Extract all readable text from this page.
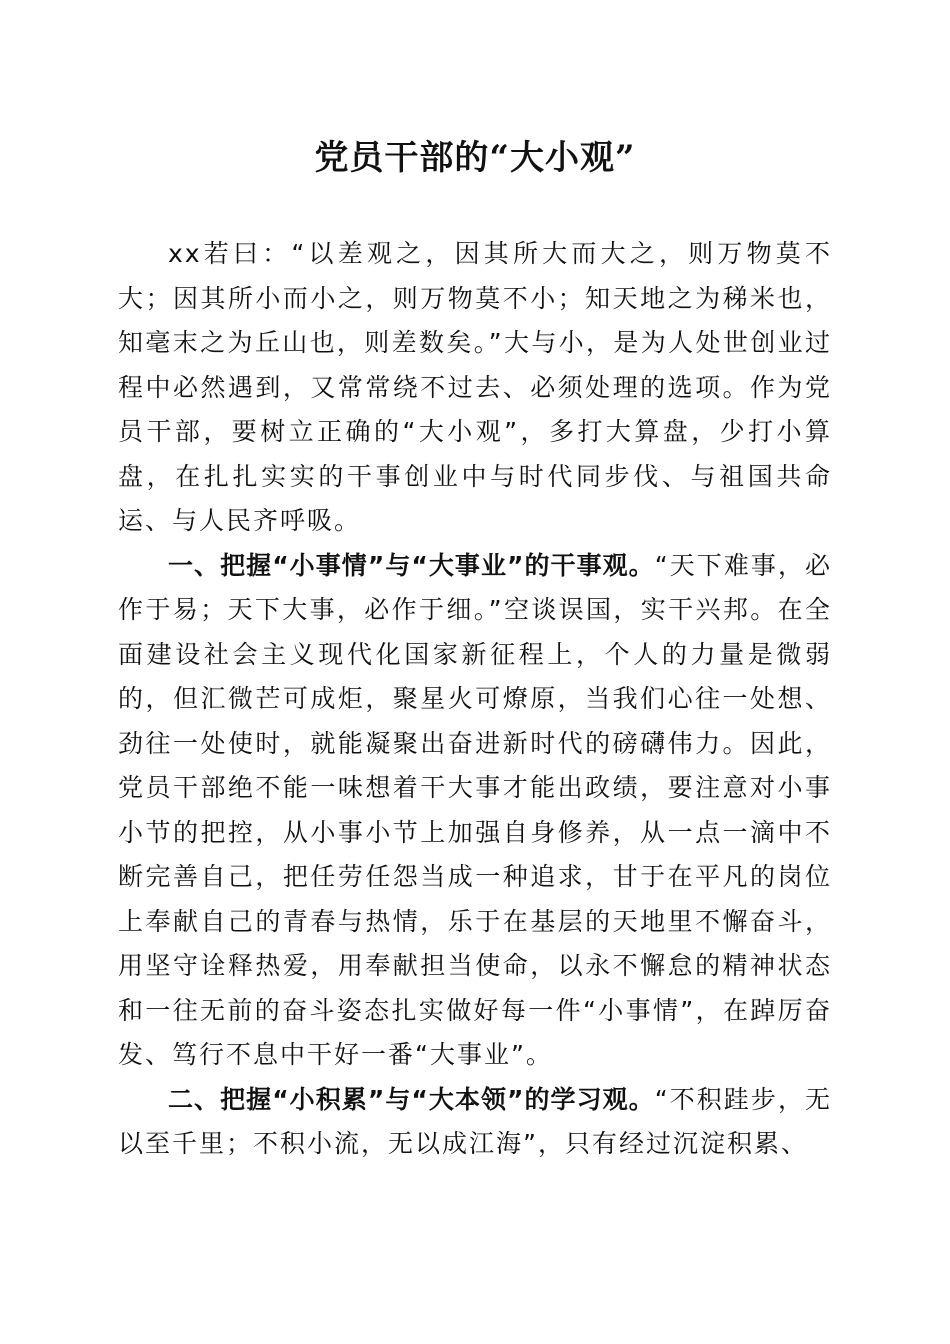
党员干部的“大小观”

xx若曰：“以差观之，因其所大而大之，则万物莫不大；因其所小而小之，则万物莫不小；知天地之为稊米也，知毫末之为丘山也，则差数矣。”大与小，是为人处世创业过程中必然遇到，又常常绕不过去、必须处理的选项。作为党员干部，要树立正确的“大小观”，多打大算盘，少打小算盘，在扎扎实实的干事创业中与时代同步伐、与祖国共命运、与人民齐呼吸。

一、把握“小事情”与“大事业”的干事观。“天下难事，必作于易；天下大事，必作于细。”空谈误国，实干兴邦。在全面建设社会主义现代化国家新征程上，个人的力量是微弱的，但汇微芒可成炬，聚星火可燎原，当我们心往一处想、劲往一处使时，就能凝聚出奋进新时代的磅礴伟力。因此，党员干部绝不能一味想着干大事才能出政绩，要注意对小事小节的把控，从小事小节上加强自身修养，从一点一滴中不断完善自己，把任劳任怨当成一种追求，甘于在平凡的岗位上奉献自己的青春与热情，乐于在基层的天地里不懈奋斗，用坚守诠释热爱，用奉献担当使命，以永不懈怠的精神状态和一往无前的奋斗姿态扎实做好每一件“小事情”，在踔厉奋发、笃行不息中干好一番“大事业”。

二、把握“小积累”与“大本领”的学习观。“不积跬步，无以至千里；不积小流，无以成江海”，只有经过沉淀积累、
